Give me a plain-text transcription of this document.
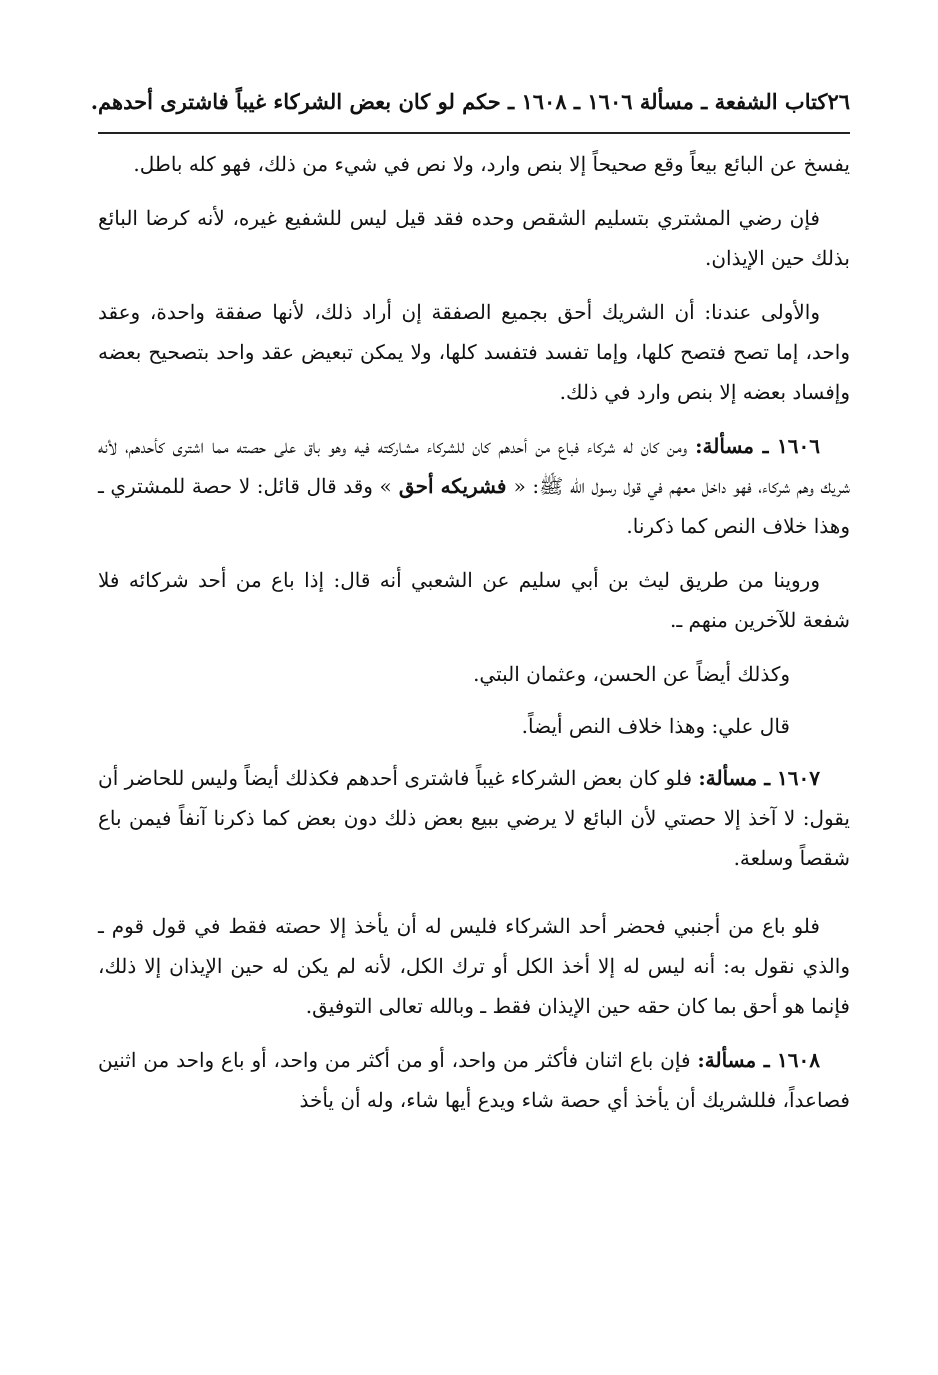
٢٦
كتاب الشفعة ـ مسألة ١٦٠٦ ـ ١٦٠٨ ـ حكم لو كان بعض الشركاء غيباً فاشترى أحدهم.

يفسخ عن البائع بيعاً وقع صحيحاً إلا بنص وارد، ولا نص في شيء من ذلك، فهو كله باطل.

فإن رضي المشتري بتسليم الشقص وحده فقد قيل ليس للشفيع غيره، لأنه كرضا البائع بذلك حين الإيذان.

والأولى عندنا: أن الشريك أحق بجميع الصفقة إن أراد ذلك، لأنها صفقة واحدة، وعقد واحد، إما تصح فتصح كلها، وإما تفسد فتفسد كلها، ولا يمكن تبعيض عقد واحد بتصحيح بعضه وإفساد بعضه إلا بنص وارد في ذلك.

١٦٠٦ ـ مسألة: ومن كان له شركاء فباع من أحدهم كان للشركاء مشاركته فيه وهو باق على حصته مما اشترى كأحدهم، لأنه شريك وهم شركاء، فهو داخل معهم في قول رسول الله ﷺ: « فشريكه أحق » وقد قال قائل: لا حصة للمشتري ـ وهذا خلاف النص كما ذكرنا.

وروينا من طريق ليث بن أبي سليم عن الشعبي أنه قال: إذا باع من أحد شركائه فلا شفعة للآخرين منهم ـ.

وكذلك أيضاً عن الحسن، وعثمان البتي.

قال علي: وهذا خلاف النص أيضاً.

١٦٠٧ ـ مسألة: فلو كان بعض الشركاء غيباً فاشترى أحدهم فكذلك أيضاً وليس للحاضر أن يقول: لا آخذ إلا حصتي لأن البائع لا يرضي ببيع بعض ذلك دون بعض كما ذكرنا آنفاً فيمن باع شقصاً وسلعة.

فلو باع من أجنبي فحضر أحد الشركاء فليس له أن يأخذ إلا حصته فقط في قول قوم ـ والذي نقول به: أنه ليس له إلا أخذ الكل أو ترك الكل، لأنه لم يكن له حين الإيذان إلا ذلك، فإنما هو أحق بما كان حقه حين الإيذان فقط ـ وبالله تعالى التوفيق.

١٦٠٨ ـ مسألة: فإن باع اثنان فأكثر من واحد، أو من أكثر من واحد، أو باع واحد من اثنين فصاعداً، فللشريك أن يأخذ أي حصة شاء ويدع أيها شاء، وله أن يأخذ
